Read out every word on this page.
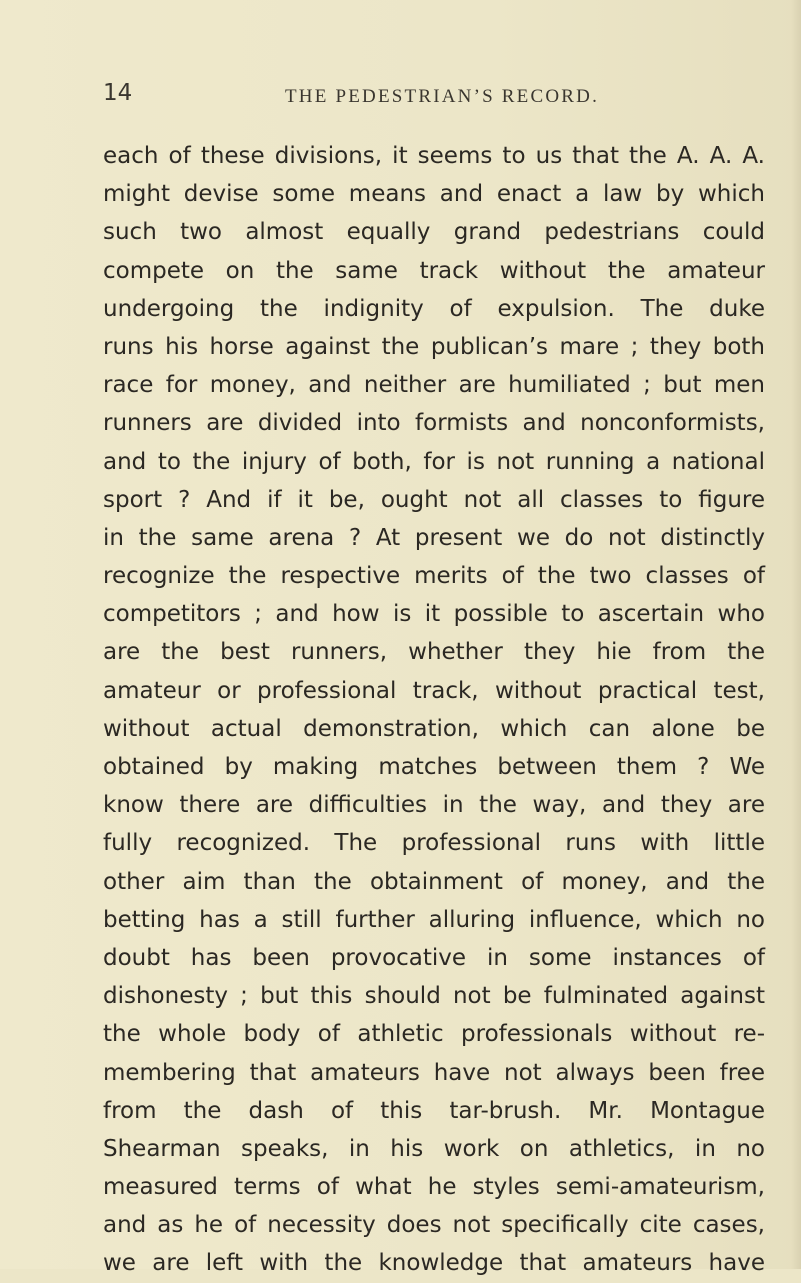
14	THE PEDESTRIAN’S RECORD.
each of these divisions, it seems to us that the A. A. A.
might devise some means and enact a law by which
such two almost equally grand pedestrians could
compete on the same track without the amateur
undergoing the indignity of expulsion. The duke
runs his horse against the publican’s mare ; they both
race for money, and neither are humiliated ; but men
runners are divided into formists and nonconformists,
and to the injury of both, for is not running a national
sport ? And if it be, ought not all classes to figure
in the same arena ? At present we do not distinctly
recognize the respective merits of the two classes of
competitors ; and how is it possible to ascertain who
are the best runners, whether they hie from the
amateur or professional track, without practical test,
without actual demonstration, which can alone be
obtained by making matches between them ? We
know there are difficulties in the way, and they are
fully recognized. The professional runs with little
other aim than the obtainment of money, and the
betting has a still further alluring influence, which no
doubt has been provocative in some instances of
dishonesty ; but this should not be fulminated against
the whole body of athletic professionals without re-
membering that amateurs have not always been free
from the dash of this tar-brush. Mr. Montague
Shearman speaks, in his work on athletics, in no
measured terms of what he styles semi-amateurism,
and as he of necessity does not specifically cite cases,
we are left with the knowledge that amateurs have
